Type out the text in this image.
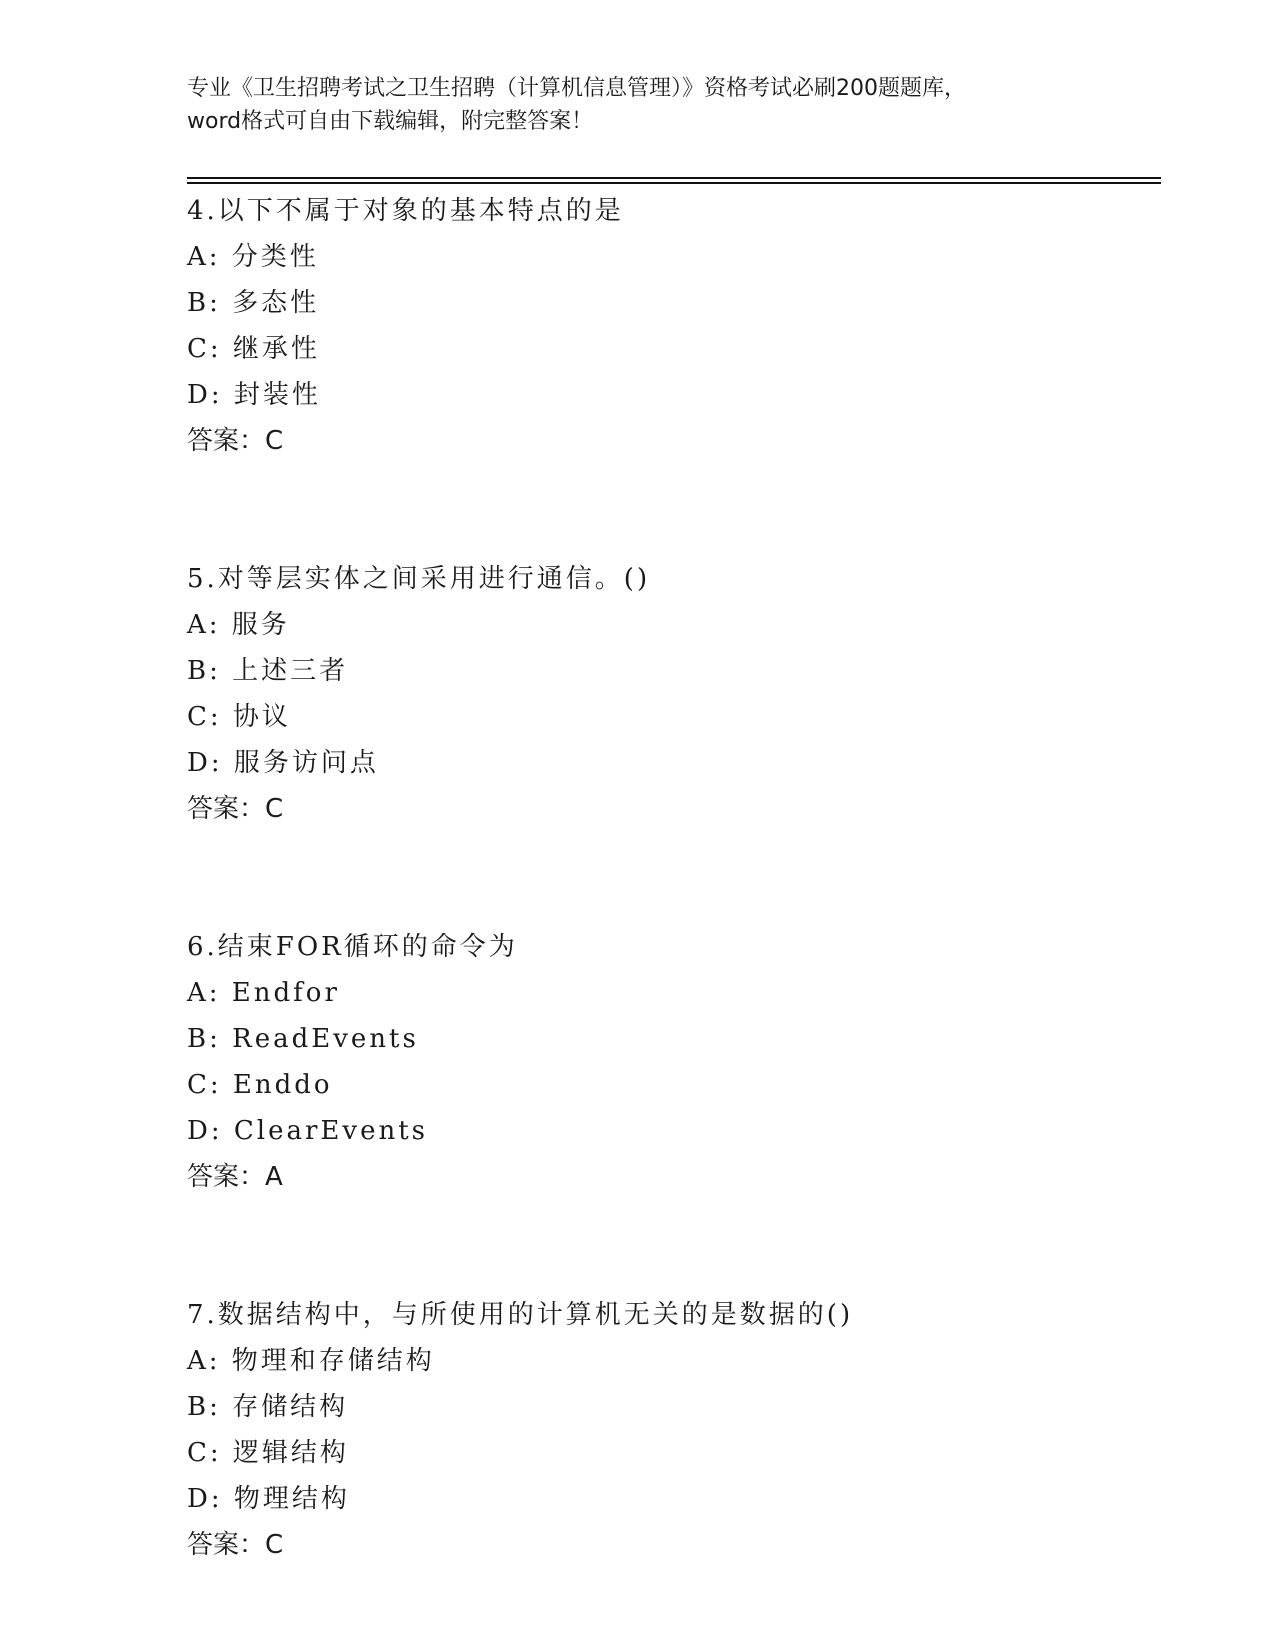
专业《卫生招聘考试之卫生招聘（计算机信息管理）》资格考试必刷200题题库，
word格式可自由下载编辑，附完整答案！
4.以下不属于对象的基本特点的是
A: 分类性
B: 多态性
C: 继承性
D: 封装性
答案：C
5.对等层实体之间采用进行通信。()
A: 服务
B: 上述三者
C: 协议
D: 服务访问点
答案：C
6.结束FOR循环的命令为
A: Endfor
B: ReadEvents
C: Enddo
D: ClearEvents
答案：A
7.数据结构中，与所使用的计算机无关的是数据的()
A: 物理和存储结构
B: 存储结构
C: 逻辑结构
D: 物理结构
答案：C
